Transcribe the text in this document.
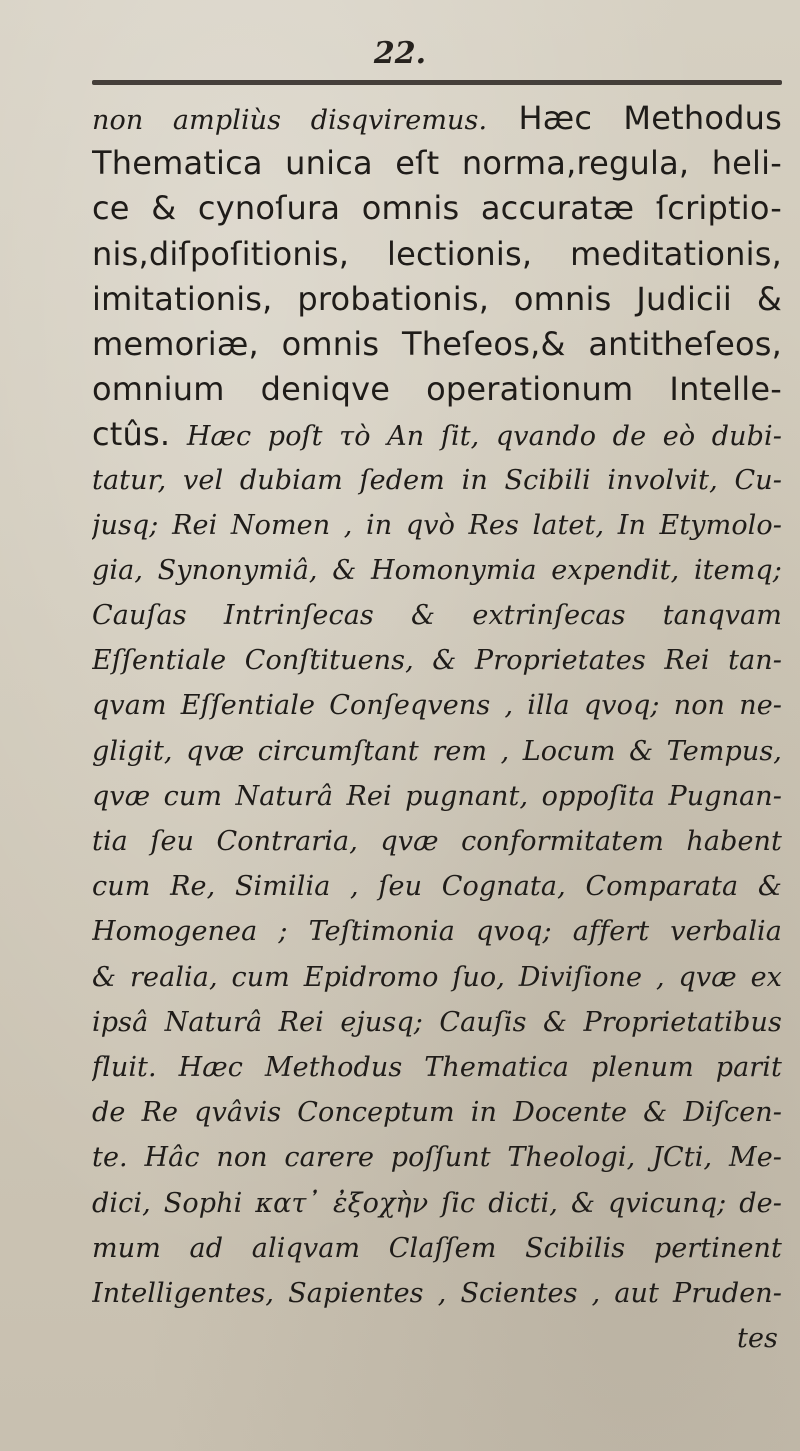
22.
non ampliùs disqviremus. Hæc Methodus
Thematica unica eſt norma,regula, heli-
ce & cynoſura omnis accuratæ ſcriptio-
nis,diſpoſitionis, lectionis, meditationis,
imitationis, probationis, omnis Judicii &
memoriæ, omnis Theſeos,& antitheſeos,
omnium deniqve operationum Intelle-
ctûs. Hæc poſt τὸ An ſit, qvando de eò dubi-
tatur, vel dubiam ſedem in Scibili involvit, Cu-
jusq; Rei Nomen , in qvò Res latet, In Etymolo-
gia, Synonymiâ, & Homonymia expendit, itemq;
Cauſas Intrinſecas & extrinſecas tanqvam
Eſſentiale Conſtituens, & Proprietates Rei tan-
qvam Eſſentiale Conſeqvens , illa qvoq; non ne-
gligit, qvæ circumſtant rem , Locum & Tempus,
qvæ cum Naturâ Rei pugnant, oppoſita Pugnan-
tia ſeu Contraria, qvæ conformitatem habent
cum Re, Similia , ſeu Cognata, Comparata &
Homogenea ; Teſtimonia qvoq; affert verbalia
& realia, cum Epidromo ſuo, Diviſione , qvæ ex
ipsâ Naturâ Rei ejusq; Cauſis & Proprietatibus
fluit. Hæc Methodus Thematica plenum parit
de Re qvâvis Conceptum in Docente & Diſcen-
te. Hâc non carere poſſunt Theologi, JCti, Me-
dici, Sophi κατ᾽ ἐξοχὴν ſic dicti, & qvicunq; de-
mum ad aliqvam Claſſem Scibilis pertinent
Intelligentes, Sapientes , Scientes , aut Pruden-
tes
